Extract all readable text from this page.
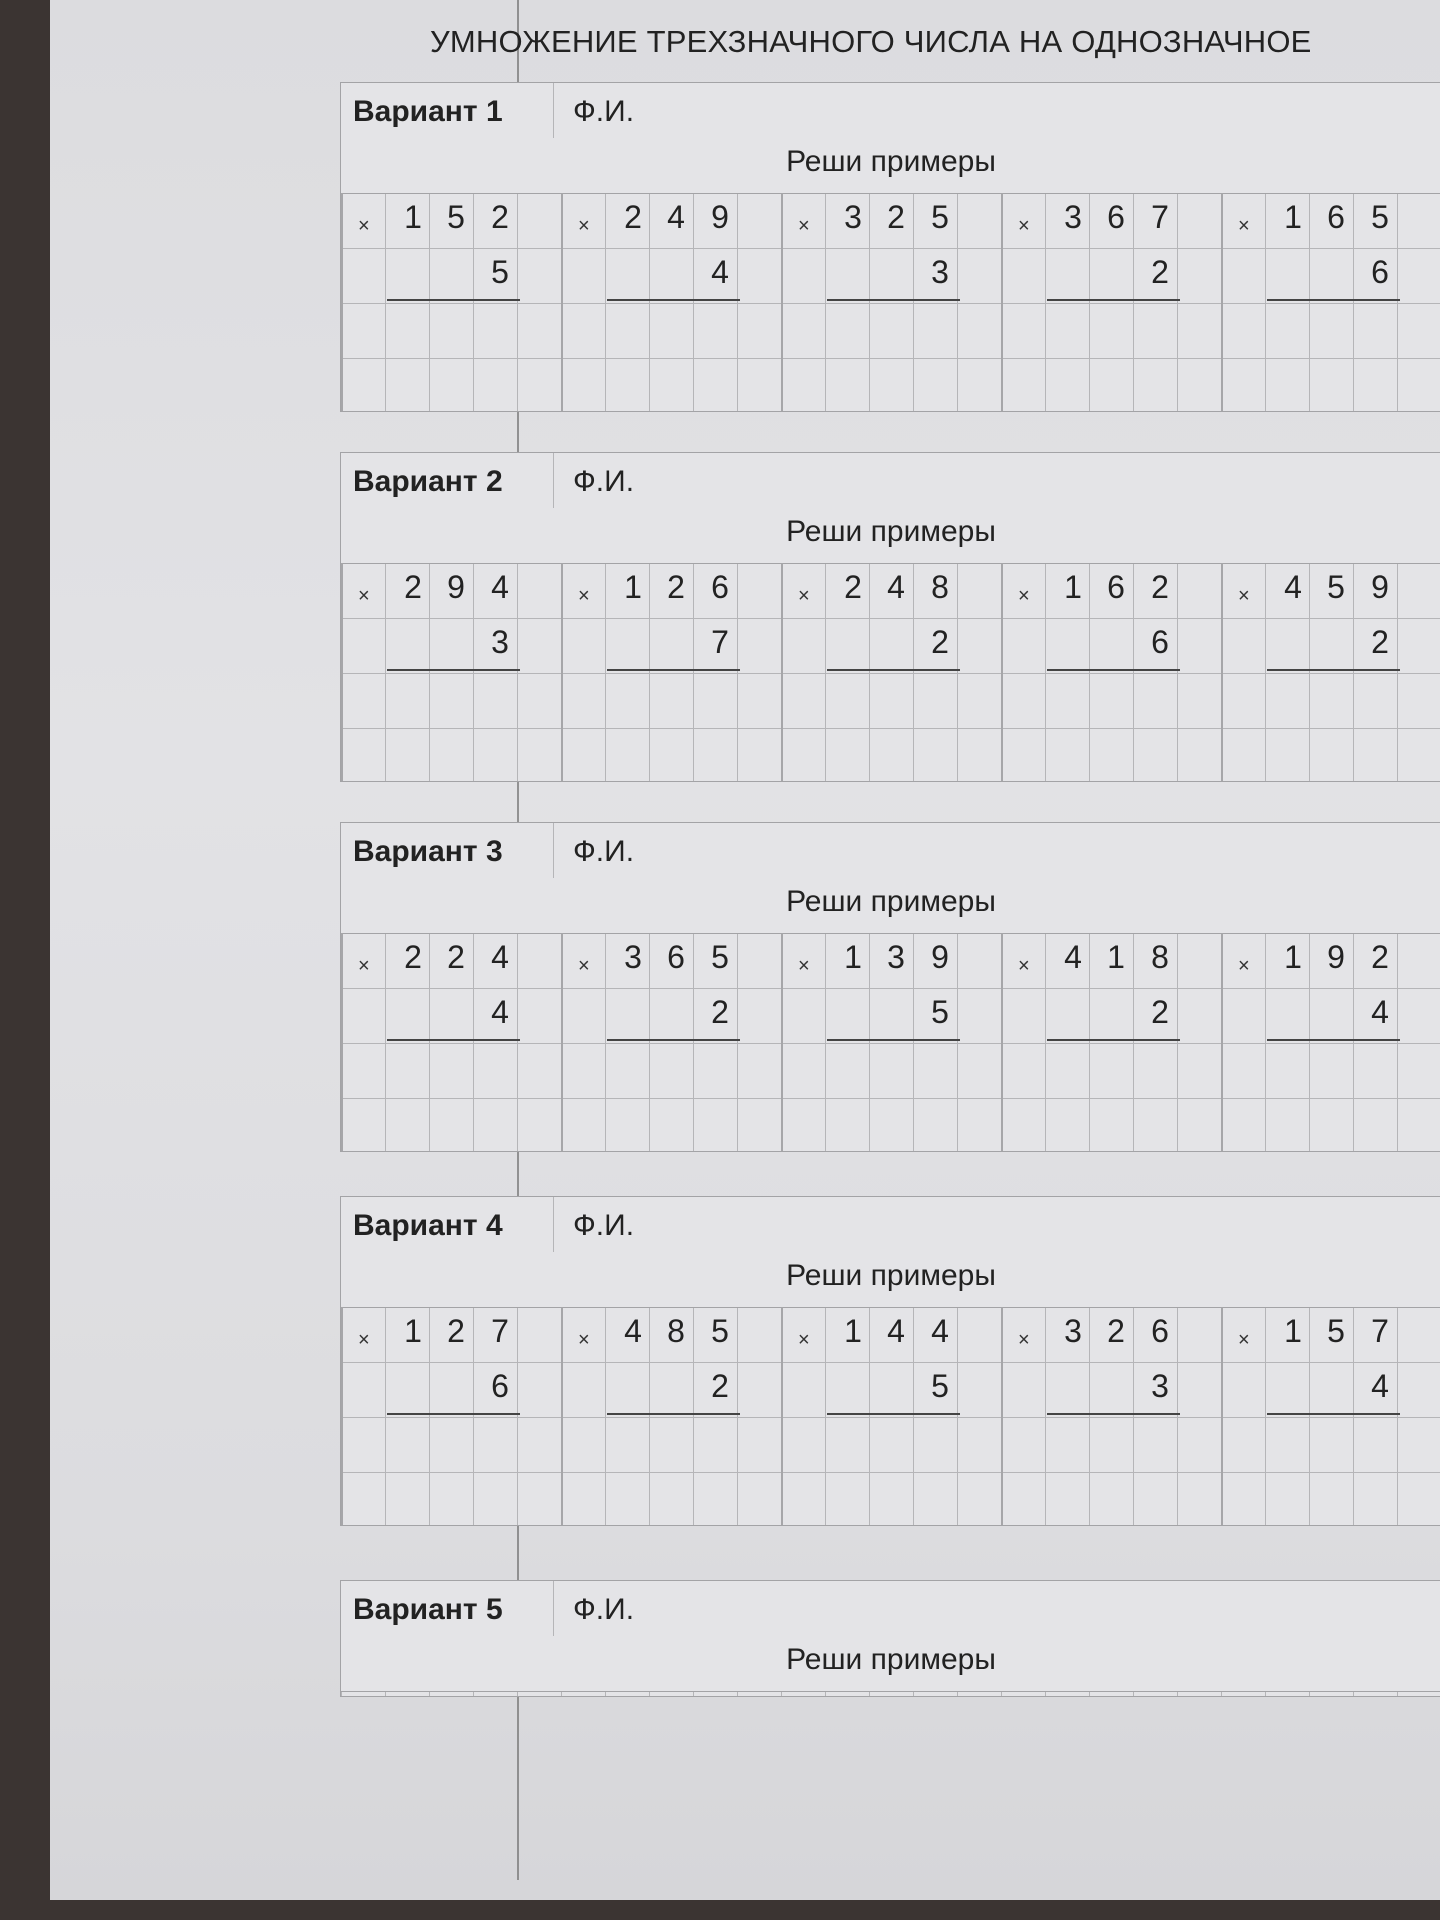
УМНОЖЕНИЕ ТРЕХЗНАЧНОГО ЧИСЛА НА ОДНОЗНАЧНОЕ
Вариант 1 Ф.И.
Реши примеры
×	1 5 2
5
×	2 4 9
4
×	3 2 5
3
×	3 6 7
2
×	1 6 5
6
Вариант 2 Ф.И.
Реши примеры
×	2 9 4
3
×	1 2 6
7
×	2 4 8
2
×	1 6 2
6
×	4 5 9
2
Вариант 3 Ф.И.
Реши примеры
×	2 2 4
4
×	3 6 5
2
×	1 3 9
5
×	4 1 8
2
×	1 9 2
4
Вариант 4 Ф.И.
Реши примеры
×	1 2 7
6
×	4 8 5
2
×	1 4 4
5
×	3 2 6
3
×	1 5 7
4
Вариант 5 Ф.И.
Реши примеры
